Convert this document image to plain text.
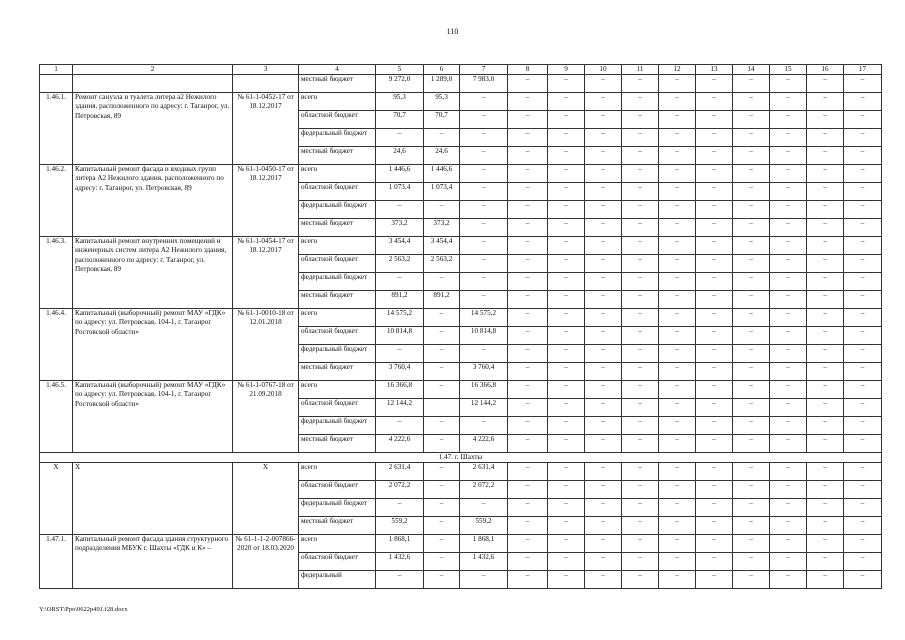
110
1	2	3	4	5	6	7	8	9	10	11	12	13	14	15	16	17
			местный бюджет	9 272,0	1 289,0	7 983,0	–	–	–	–	–	–	–	–	–	–
1.46.1.	Ремонт санузла и туалета литера а2 Нежилого здания, расположенного по адресу: г. Таганрог, ул. Петровская, 89	№ 61-1-0452-17 от 18.12.2017	всего	95,3	95,3	–	–	–	–	–	–	–	–	–	–	–
			областной бюджет	70,7	70,7	–	–	–	–	–	–	–	–	–	–	–
			федеральный бюджет	–	–	–	–	–	–	–	–	–	–	–	–	–
			местный бюджет	24,6	24,6	–	–	–	–	–	–	–	–	–	–	–
1.46.2.	Капитальный ремонт фасада и входных групп литера А2 Нежилого здания, расположенного по адресу: г. Таганрог, ул. Петровская, 89	№ 61-1-0450-17 от 18.12.2017	всего	1 446,6	1 446,6	–	–	–	–	–	–	–	–	–	–	–
			областной бюджет	1 073,4	1 073,4	–	–	–	–	–	–	–	–	–	–	–
			федеральный бюджет	–	–	–	–	–	–	–	–	–	–	–	–	–
			местный бюджет	373,2	373,2	–	–	–	–	–	–	–	–	–	–	–
1.46.3.	Капитальный ремонт внутренних помещений и инженерных систем литера А2 Нежилого здания, расположенного по адресу: г. Таганрог, ул. Петровская, 89	№ 61-1-0454-17 от 18.12.2017	всего	3 454,4	3 454,4	–	–	–	–	–	–	–	–	–	–	–
			областной бюджет	2 563,2	2 563,2	–	–	–	–	–	–	–	–	–	–	–
			федеральный бюджет	–	–	–	–	–	–	–	–	–	–	–	–	–
			местный бюджет	891,2	891,2	–	–	–	–	–	–	–	–	–	–	–
1.46.4.	Капитальный (выборочный) ремонт МАУ «ГДК» по адресу: ул. Петровская, 104-1, г. Таганрог Ростовской области»	№ 61-1-0010-18 от 12.01.2018	всего	14 575,2	–	14 575,2	–	–	–	–	–	–	–	–	–	–
			областной бюджет	10 814,8	–	10 814,8	–	–	–	–	–	–	–	–	–	–
			федеральный бюджет	–	–	–	–	–	–	–	–	–	–	–	–	–
			местный бюджет	3 760,4	–	3 760,4	–	–	–	–	–	–	–	–	–	–
1.46.5.	Капитальный (выборочный) ремонт МАУ «ГДК» по адресу: ул. Петровская, 104-1, г. Таганрог Ростовской области»	№ 61-1-0767-18 от 21.09.2018	всего	16 366,8	–	16 366,8	–	–	–	–	–	–	–	–	–	–
			областной бюджет	12 144,2		12 144,2	–	–	–	–	–	–	–	–	–	–
			федеральный бюджет	–	–	–	–	–	–	–	–	–	–	–	–	–
			местный бюджет	4 222,6	–	4 222,6	–	–	–	–	–	–	–	–	–	–
1.47. г. Шахты																
Х	Х	Х	всего	2 631,4	–	2 631,4	–	–	–	–	–	–	–	–	–	–
			областной бюджет	2 072,2	–	2 072,2	–	–	–	–	–	–	–	–	–	–
			федеральный бюджет	–	–	–	–	–	–	–	–	–	–	–	–	–
			местный бюджет	559,2	–	559,2	–	–	–	–	–	–	–	–	–	–
1.47.1.	Капитальный ремонт фасада здания структурного подразделения МБУК г. Шахты «ГДК и К» –	№ 61-1-1-2-007866-2020 от 18.03.2020	всего	1 868,1	–	1 868,1	–	–	–	–	–	–	–	–	–	–
			областной бюджет	1 432,6	–	1 432,6	–	–	–	–	–	–	–	–	–	–
			федеральный	–	–	–	–	–	–	–	–	–	–	–	–	–
Y:\ORST\Ppo\0622p491.f28.docx
